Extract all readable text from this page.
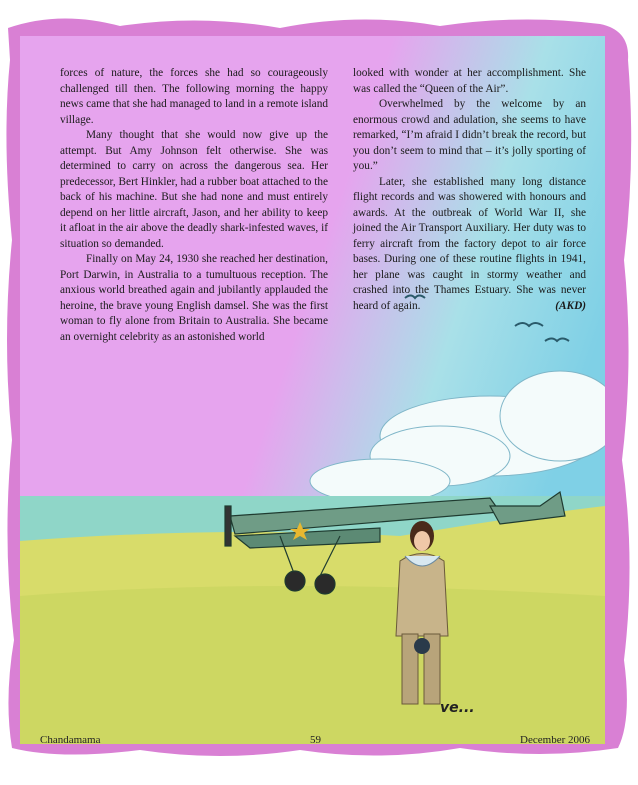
forces of nature, the forces she had so courageously challenged till then. The following morning the happy news came that she had managed to land in a remote island village.

Many thought that she would now give up the attempt. But Amy Johnson felt otherwise. She was determined to carry on across the dangerous sea. Her predecessor, Bert Hinkler, had a rubber boat attached to the back of his machine. But she had none and must entirely depend on her little aircraft, Jason, and her ability to keep it afloat in the air above the deadly shark-infested waves, if situation so demanded.

Finally on May 24, 1930 she reached her destination, Port Darwin, in Australia to a tumultuous reception. The anxious world breathed again and jubilantly applauded the heroine, the brave young English damsel. She was the first woman to fly alone from Britain to Australia. She became an overnight celebrity as an astonished world

looked with wonder at her accomplishment. She was called the “Queen of the Air”.

Overwhelmed by the welcome by an enormous crowd and adulation, she seems to have remarked, “I’m afraid I didn’t break the record, but you don’t seem to mind that – it’s jolly sporting of you.”

Later, she established many long distance flight records and was showered with honours and awards. At the outbreak of World War II, she joined the Air Transport Auxiliary. Her duty was to ferry aircraft from the factory depot to air force bases. During one of these routine flights in 1941, her plane was caught in stormy weather and crashed into the Thames Estuary. She was never heard of again.	(AKD)

ve...
Chandamama	59	December 2006
